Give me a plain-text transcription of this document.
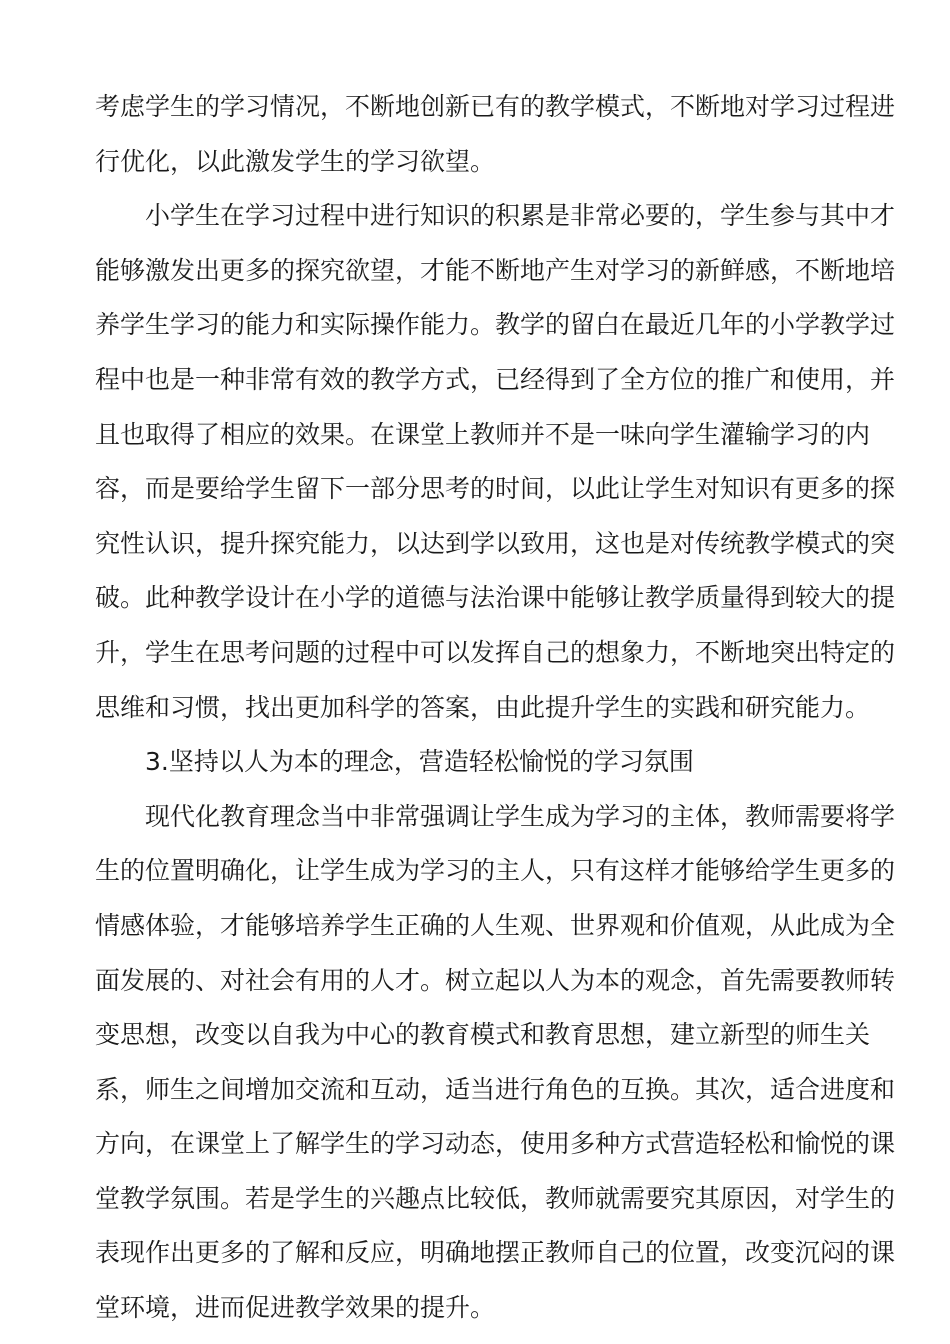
考虑学生的学习情况，不断地创新已有的教学模式，不断地对学习过程进
行优化，以此激发学生的学习欲望。
小学生在学习过程中进行知识的积累是非常必要的，学生参与其中才
能够激发出更多的探究欲望，才能不断地产生对学习的新鲜感，不断地培
养学生学习的能力和实际操作能力。教学的留白在最近几年的小学教学过
程中也是一种非常有效的教学方式，已经得到了全方位的推广和使用，并
且也取得了相应的效果。在课堂上教师并不是一味向学生灌输学习的内
容，而是要给学生留下一部分思考的时间，以此让学生对知识有更多的探
究性认识，提升探究能力，以达到学以致用，这也是对传统教学模式的突
破。此种教学设计在小学的道德与法治课中能够让教学质量得到较大的提
升，学生在思考问题的过程中可以发挥自己的想象力，不断地突出特定的
思维和习惯，找出更加科学的答案，由此提升学生的实践和研究能力。
3.坚持以人为本的理念，营造轻松愉悦的学习氛围
现代化教育理念当中非常强调让学生成为学习的主体，教师需要将学
生的位置明确化，让学生成为学习的主人，只有这样才能够给学生更多的
情感体验，才能够培养学生正确的人生观、世界观和价值观，从此成为全
面发展的、对社会有用的人才。树立起以人为本的观念，首先需要教师转
变思想，改变以自我为中心的教育模式和教育思想，建立新型的师生关
系，师生之间增加交流和互动，适当进行角色的互换。其次，适合进度和
方向，在课堂上了解学生的学习动态，使用多种方式营造轻松和愉悦的课
堂教学氛围。若是学生的兴趣点比较低，教师就需要究其原因，对学生的
表现作出更多的了解和反应，明确地摆正教师自己的位置，改变沉闷的课
堂环境，进而促进教学效果的提升。
